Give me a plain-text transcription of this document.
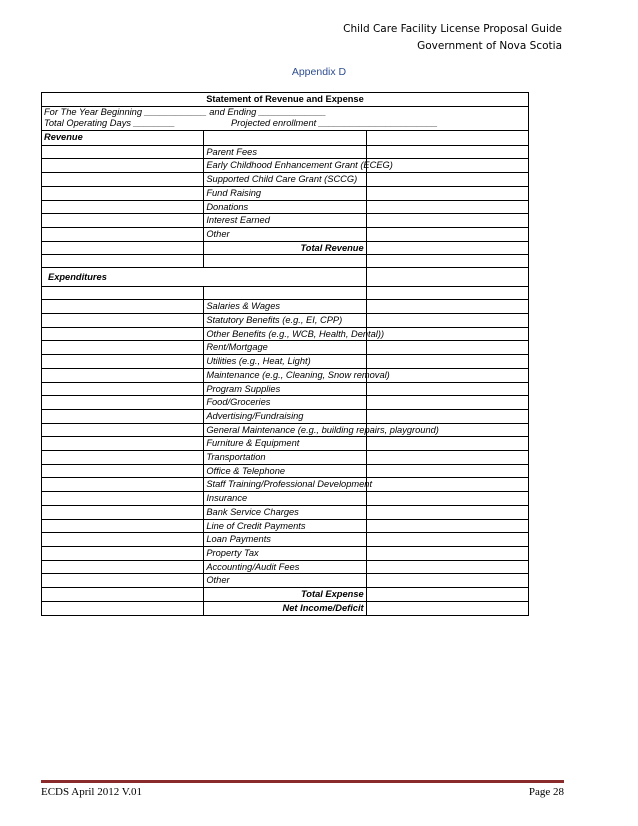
Child Care Facility License Proposal Guide
Government of Nova Scotia
Appendix D
Statement of Revenue and Expense		

For The Year Beginning ____________ and Ending _____________
Total Operating Days ________ Projected enrollment _______________________		

Revenue		
	Parent Fees	
	Early Childhood Enhancement Grant (ECEG)	
	Supported Child Care Grant (SCCG)	
	Fund Raising	
	Donations	
	Interest Earned	
	Other	
	Total Revenue	

Expenditures		

	Salaries & Wages	
	Statutory Benefits (e.g., EI, CPP)	
	Other Benefits (e.g., WCB, Health, Dental))	
	Rent/Mortgage	
	Utilities (e.g., Heat, Light)	
	Maintenance (e.g., Cleaning, Snow removal)	
	Program Supplies	
	Food/Groceries	
	Advertising/Fundraising	
	General Maintenance (e.g., building repairs, playground)	
	Furniture & Equipment	
	Transportation	
	Office & Telephone	
	Staff Training/Professional Development	
	Insurance	
	Bank Service Charges	
	Line of Credit Payments	
	Loan Payments	
	Property Tax	
	Accounting/Audit Fees	
	Other	
	Total Expense	
	Net Income/Deficit	
ECDS April 2012 V.01	Page 28
